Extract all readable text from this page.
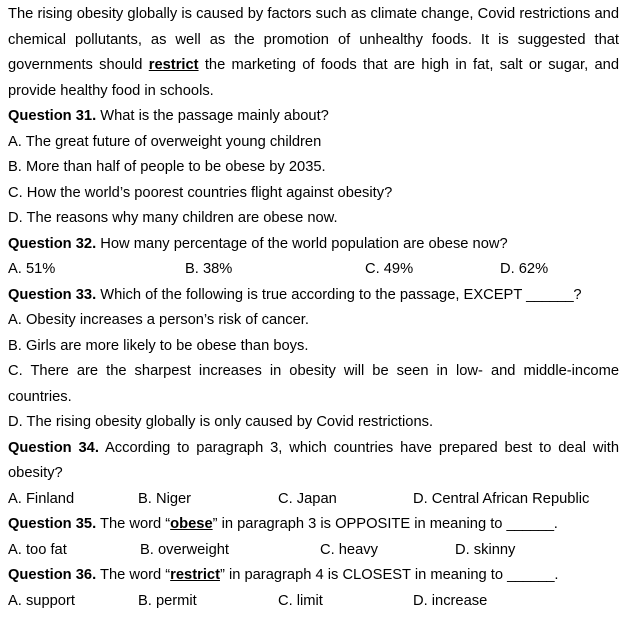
The rising obesity globally is caused by factors such as climate change, Covid restrictions and chemical pollutants, as well as the promotion of unhealthy foods. It is suggested that governments should restrict the marketing of foods that are high in fat, salt or sugar, and provide healthy food in schools.

Question 31. What is the passage mainly about?

A. The great future of overweight young children

B. More than half of people to be obese by 2035.

C. How the world’s poorest countries flight against obesity?

D. The reasons why many children are obese now.

Question 32. How many percentage of the world population are obese now?

A. 51%	B. 38%	C. 49%	D. 62%

Question 33. Which of the following is true according to the passage, EXCEPT ______?

A. Obesity increases a person’s risk of cancer.

B. Girls are more likely to be obese than boys.

C. There are the sharpest increases in obesity will be seen in low- and middle-income countries.

D. The rising obesity globally is only caused by Covid restrictions.

Question 34. According to paragraph 3, which countries have prepared best to deal with obesity?

A. Finland	B. Niger	C. Japan	D. Central African Republic

Question 35. The word “obese” in paragraph 3 is OPPOSITE in meaning to ______.

A. too fat	B. overweight	C. heavy	D. skinny

Question 36. The word “restrict” in paragraph 4 is CLOSEST in meaning to ______.

A. support	B. permit	C. limit	D. increase
